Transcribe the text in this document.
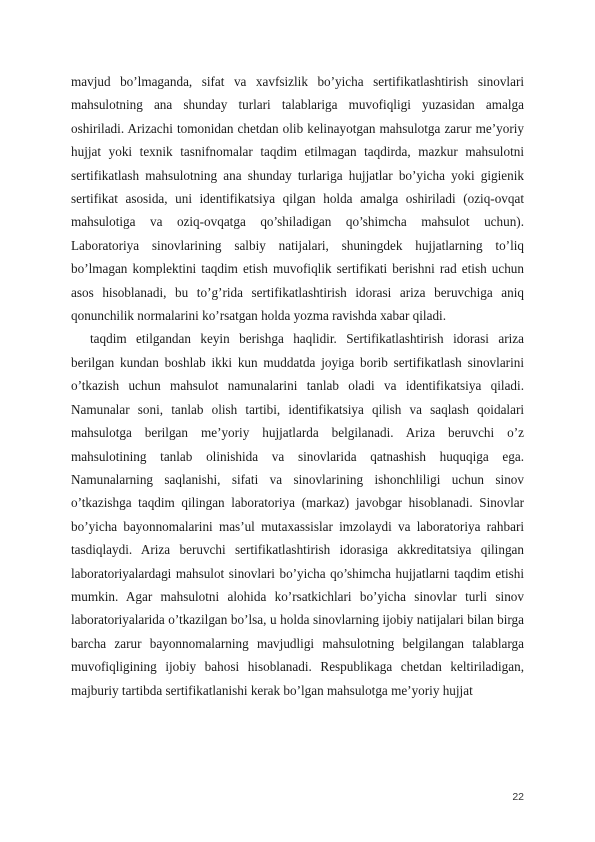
mavjud bo’lmaganda, sifat va xavfsizlik bo’yicha sertifikatlashtirish sinovlari mahsulotning ana shunday turlari talablariga muvofiqligi yuzasidan amalga oshiriladi. Arizachi tomonidan chetdan olib kelinayotgan mahsulotga zarur me’yoriy hujjat yoki texnik tasnifnomalar taqdim etilmagan taqdirda, mazkur mahsulotni sertifikatlash mahsulotning ana shunday turlariga hujjatlar bo’yicha yoki gigienik sertifikat asosida, uni identifikatsiya qilgan holda amalga oshiriladi (oziq-ovqat mahsulotiga va oziq-ovqatga qo’shiladigan qo’shimcha mahsulot uchun). Laboratoriya sinovlarining salbiy natijalari, shuningdek hujjatlarning to’liq bo’lmagan komplektini taqdim etish muvofiqlik sertifikati berishni rad etish uchun asos hisoblanadi, bu to’g’rida sertifikatlashtirish idorasi ariza beruvchiga aniq qonunchilik normalarini ko’rsatgan holda yozma ravishda xabar qiladi.

taqdim etilgandan keyin berishga haqlidir. Sertifikatlashtirish idorasi ariza berilgan kundan boshlab ikki kun muddatda joyiga borib sertifikatlash sinovlarini o’tkazish uchun mahsulot namunalarini tanlab oladi va identifikatsiya qiladi. Namunalar soni, tanlab olish tartibi, identifikatsiya qilish va saqlash qoidalari mahsulotga berilgan me’yoriy hujjatlarda belgilanadi. Ariza beruvchi o’z mahsulotining tanlab olinishida va sinovlarida qatnashish huquqiga ega. Namunalarning saqlanishi, sifati va sinovlarining ishonchliligi uchun sinov o’tkazishga taqdim qilingan laboratoriya (markaz) javobgar hisoblanadi. Sinovlar bo’yicha bayonnomalarini mas’ul mutaxassislar imzolaydi va laboratoriya rahbari tasdiqlaydi. Ariza beruvchi sertifikatlashtirish idorasiga akkreditatsiya qilingan laboratoriyalardagi mahsulot sinovlari bo’yicha qo’shimcha hujjatlarni taqdim etishi mumkin. Agar mahsulotni alohida ko’rsatkichlari bo’yicha sinovlar turli sinov laboratoriyalarida o’tkazilgan bo’lsa, u holda sinovlarning ijobiy natijalari bilan birga barcha zarur bayonnomalarning mavjudligi mahsulotning belgilangan talablarga muvofiqligining ijobiy bahosi hisoblanadi. Respublikaga chetdan keltiriladigan, majburiy tartibda sertifikatlanishi kerak bo’lgan mahsulotga me’yoriy hujjat

22
